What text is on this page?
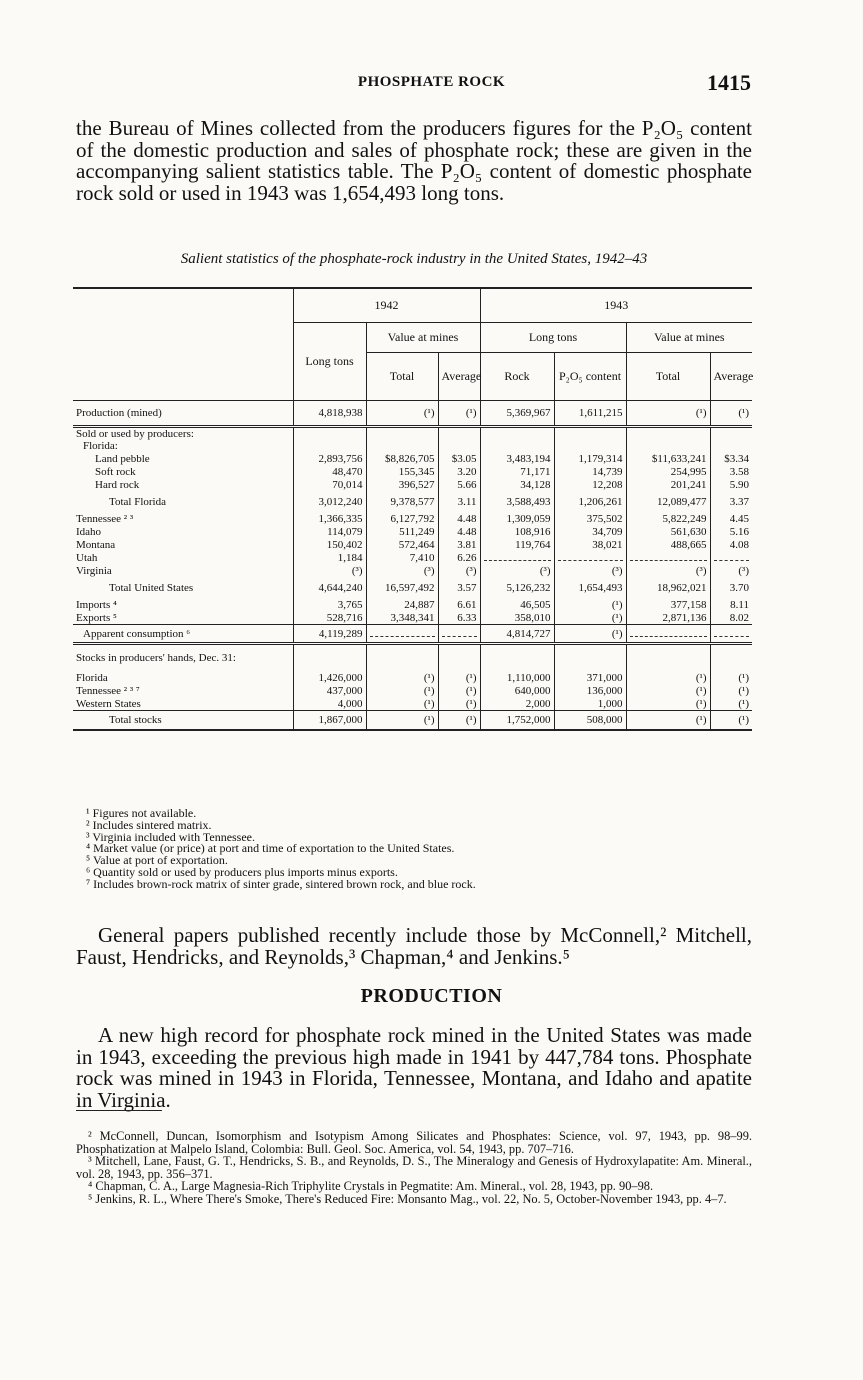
PHOSPHATE ROCK	1415
the Bureau of Mines collected from the producers figures for the P₂O₅ content of the domestic production and sales of phosphate rock; these are given in the accompanying salient statistics table. The P₂O₅ content of domestic phosphate rock sold or used in 1943 was 1,654,493 long tons.
Salient statistics of the phosphate-rock industry in the United States, 1942–43
	1942			1943			
	Long tons	Value at mines		Long tons		Value at mines	
		Total	Average	Rock	P₂O₅ content	Total	Average
Production (mined)	4,818,938	(¹)	(¹)	5,369,967	1,611,215	(¹)	(¹)
Sold or used by producers:							
Florida:							
Land pebble	2,893,756	$8,826,705	$3.05	3,483,194	1,179,314	$11,633,241	$3.34
Soft rock	48,470	155,345	3.20	71,171	14,739	254,995	3.58
Hard rock	70,014	396,527	5.66	34,128	12,208	201,241	5.90
Total Florida	3,012,240	9,378,577	3.11	3,588,493	1,206,261	12,089,477	3.37
Tennessee ² ³	1,366,335	6,127,792	4.48	1,309,059	375,502	5,822,249	4.45
Idaho	114,079	511,249	4.48	108,916	34,709	561,630	5.16
Montana	150,402	572,464	3.81	119,764	38,021	488,665	4.08
Utah	1,184	7,410	6.26				
Virginia	(³)	(³)	(³)	(³)	(³)	(³)	(³)
Total United States	4,644,240	16,597,492	3.57	5,126,232	1,654,493	18,962,021	3.70
Imports ⁴	3,765	24,887	6.61	46,505	(¹)	377,158	8.11
Exports ⁵	528,716	3,348,341	6.33	358,010	(¹)	2,871,136	8.02
Apparent consumption ⁶	4,119,289			4,814,727	(¹)		
Stocks in producers' hands, Dec. 31:							
Florida	1,426,000	(¹)	(¹)	1,110,000	371,000	(¹)	(¹)
Tennessee ² ³ ⁷	437,000	(¹)	(¹)	640,000	136,000	(¹)	(¹)
Western States	4,000	(¹)	(¹)	2,000	1,000	(¹)	(¹)
Total stocks	1,867,000	(¹)	(¹)	1,752,000	508,000	(¹)	(¹)
¹ Figures not available.
² Includes sintered matrix.
³ Virginia included with Tennessee.
⁴ Market value (or price) at port and time of exportation to the United States.
⁵ Value at port of exportation.
⁶ Quantity sold or used by producers plus imports minus exports.
⁷ Includes brown-rock matrix of sinter grade, sintered brown rock, and blue rock.
General papers published recently include those by McConnell,² Mitchell, Faust, Hendricks, and Reynolds,³ Chapman,⁴ and Jenkins.⁵
PRODUCTION
A new high record for phosphate rock mined in the United States was made in 1943, exceeding the previous high made in 1941 by 447,784 tons. Phosphate rock was mined in 1943 in Florida, Tennessee, Montana, and Idaho and apatite in Virginia.
² McConnell, Duncan, Isomorphism and Isotypism Among Silicates and Phosphates: Science, vol. 97, 1943, pp. 98–99. Phosphatization at Malpelo Island, Colombia: Bull. Geol. Soc. America, vol. 54, 1943, pp. 707–716.
³ Mitchell, Lane, Faust, G. T., Hendricks, S. B., and Reynolds, D. S., The Mineralogy and Genesis of Hydroxylapatite: Am. Mineral., vol. 28, 1943, pp. 356–371.
⁴ Chapman, C. A., Large Magnesia-Rich Triphylite Crystals in Pegmatite: Am. Mineral., vol. 28, 1943, pp. 90–98.
⁵ Jenkins, R. L., Where There's Smoke, There's Reduced Fire: Monsanto Mag., vol. 22, No. 5, October-November 1943, pp. 4–7.
